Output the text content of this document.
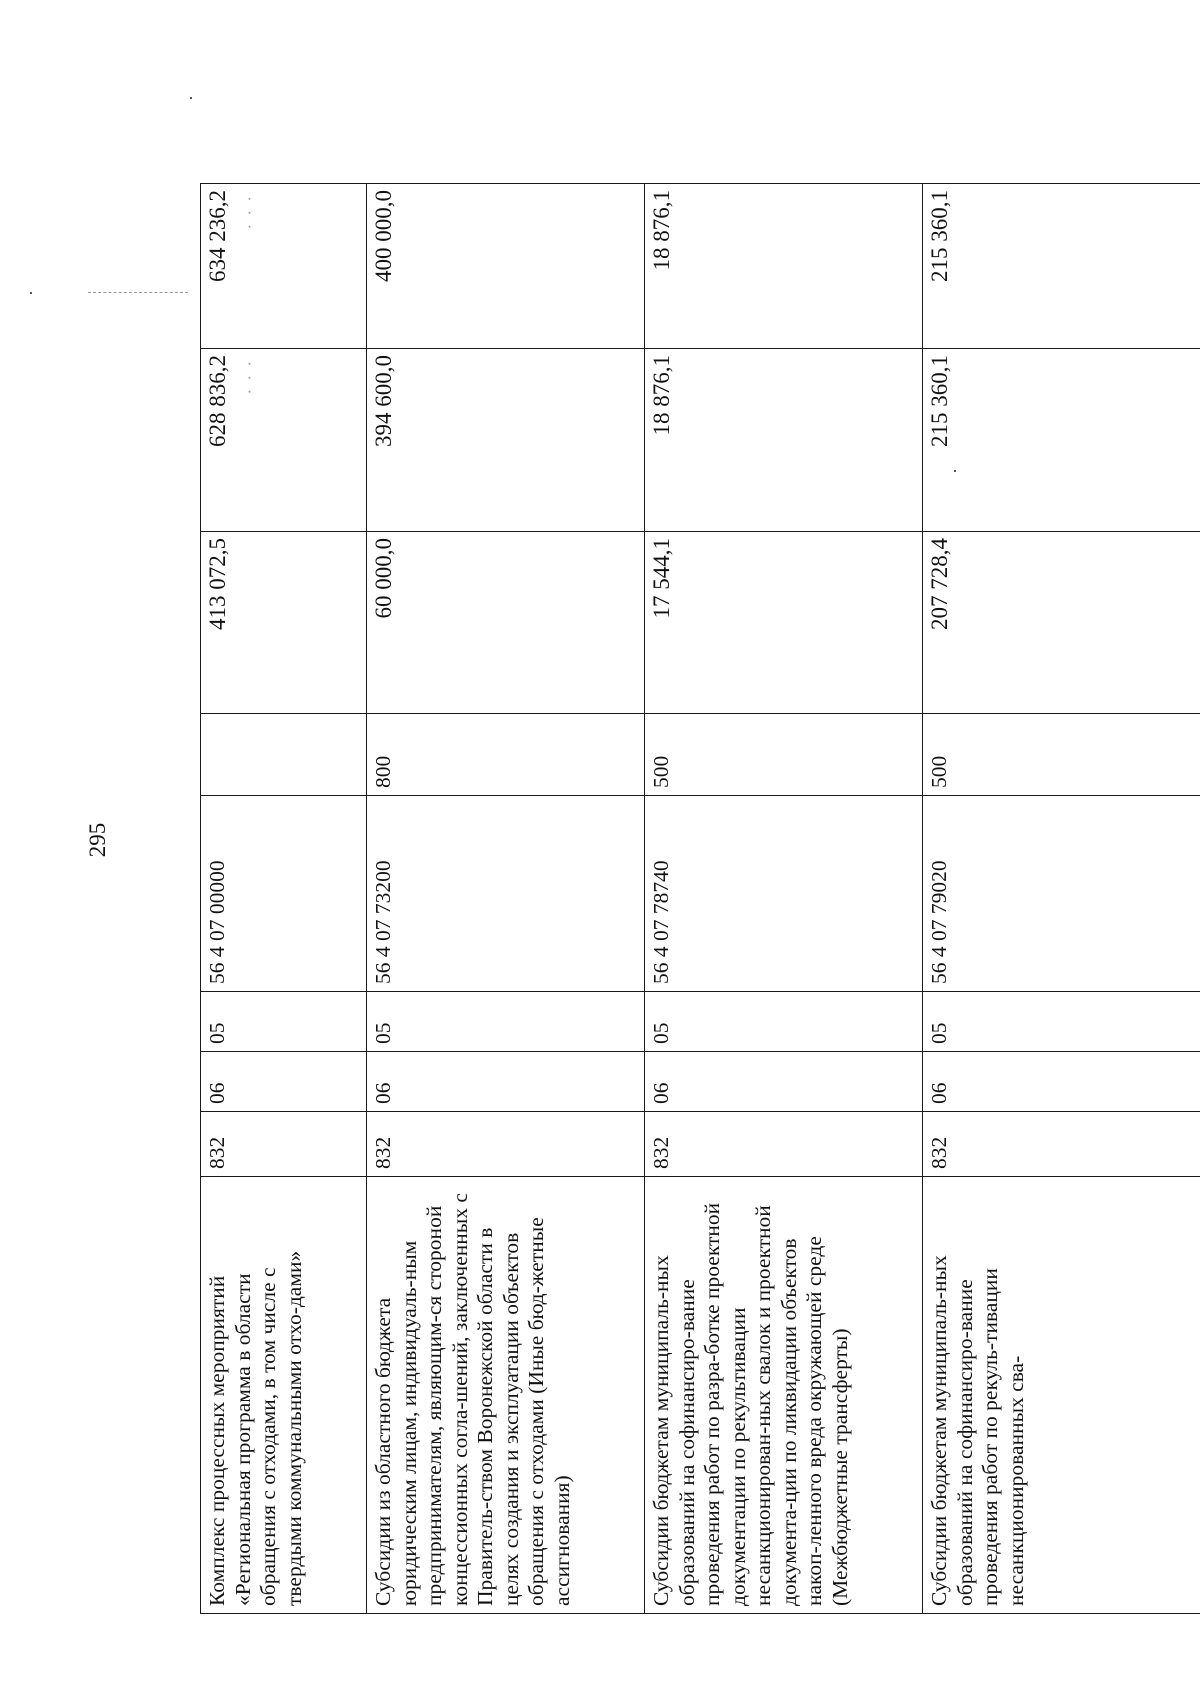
295
Комплекс процессных мероприятий «Региональная программа в области обращения с отходами, в том числе с твердыми коммунальными отхо-дами»	832	06	05	56 4 07 00000		413 072,5	628 836,2 · · ·	634 236,2 · · ·

Субсидии из областного бюджета юридическим лицам, индивидуаль-ным предпринимателям, являющим-ся стороной концессионных согла-шений, заключенных с Правитель-ством Воронежской области в целях создания и эксплуатации объектов обращения с отходами (Иные бюд-жетные ассигнования)	832	06	05	56 4 07 73200	800	60 000,0	394 600,0	400 000,0
Субсидии бюджетам муниципаль-ных образований на софинансиро-вание проведения работ по разра-ботке проектной документации по рекультивации несанкционирован-ных свалок и проектной документа-ции по ликвидации объектов накоп-ленного вреда окружающей среде (Межбюджетные трансферты)	832	06	05	56 4 07 78740	500	17 544,1	18 876,1	18 876,1
Субсидии бюджетам муниципаль-ных образований на софинансиро-вание проведения работ по рекуль-тивации несанкционированных сва-	832	06	05	56 4 07 79020	500	207 728,4	215 360,1	215 360,1
